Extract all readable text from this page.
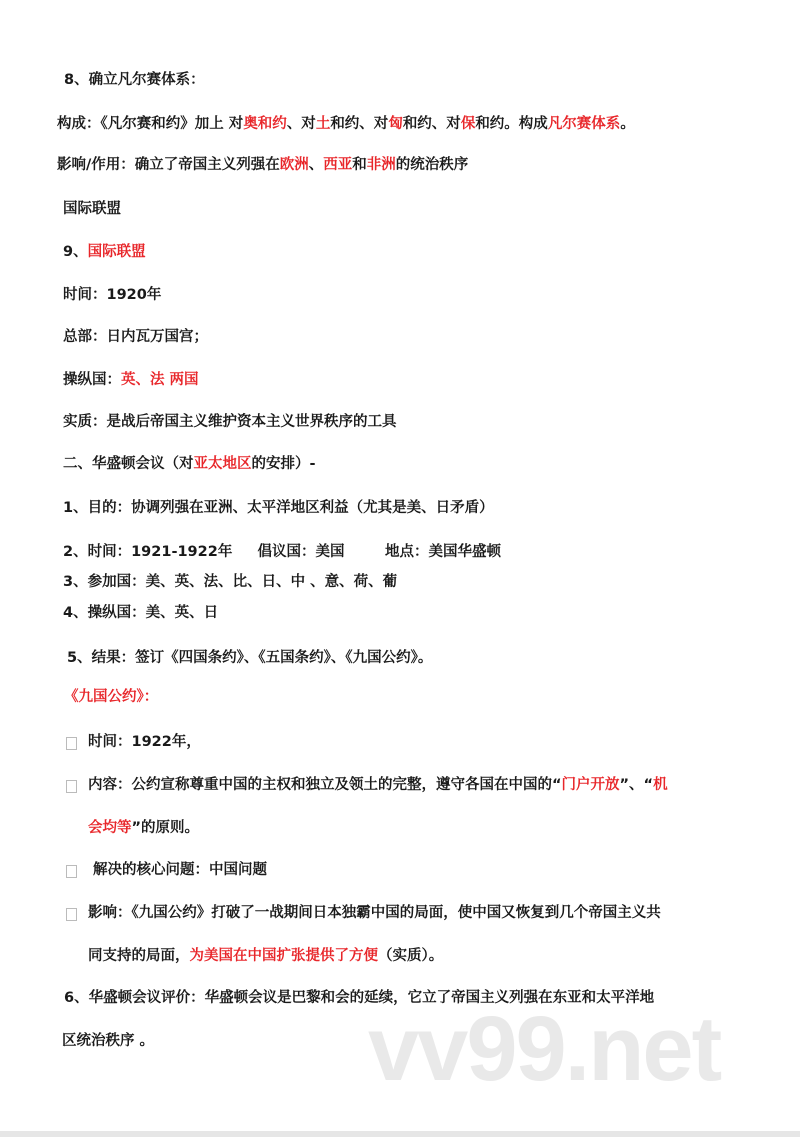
vv99.net
8、确立凡尔赛体系：
构成：《凡尔赛和约》加上 对奥和约、对土和约、对匈和约、对保和约。构成凡尔赛体系。
影响/作用：确立了帝国主义列强在欧洲、西亚和非洲的统治秩序
国际联盟
9、国际联盟
时间：1920年
总部：日内瓦万国宫；
操纵国：英、法 两国
实质：是战后帝国主义维护资本主义世界秩序的工具
二、华盛顿会议（对亚太地区的安排）-
1、目的：协调列强在亚洲、太平洋地区利益（尤其是美、日矛盾）
2、时间：1921-1922年     倡议国：美国        地点：美国华盛顿
3、参加国：美、英、法、比、日、中 、意、荷、葡
4、操纵国：美、英、日
5、结果：签订《四国条约》、《五国条约》、《九国公约》。
《九国公约》：
时间：1922年，
内容：公约宣称尊重中国的主权和独立及领土的完整，遵守各国在中国的“门户开放”、“机
会均等”的原则。
解决的核心问题：中国问题
影响：《九国公约》打破了一战期间日本独霸中国的局面，使中国又恢复到几个帝国主义共
同支持的局面，为美国在中国扩张提供了方便（实质）。
6、华盛顿会议评价：华盛顿会议是巴黎和会的延续，它立了帝国主义列强在东亚和太平洋地
区统治秩序 。
